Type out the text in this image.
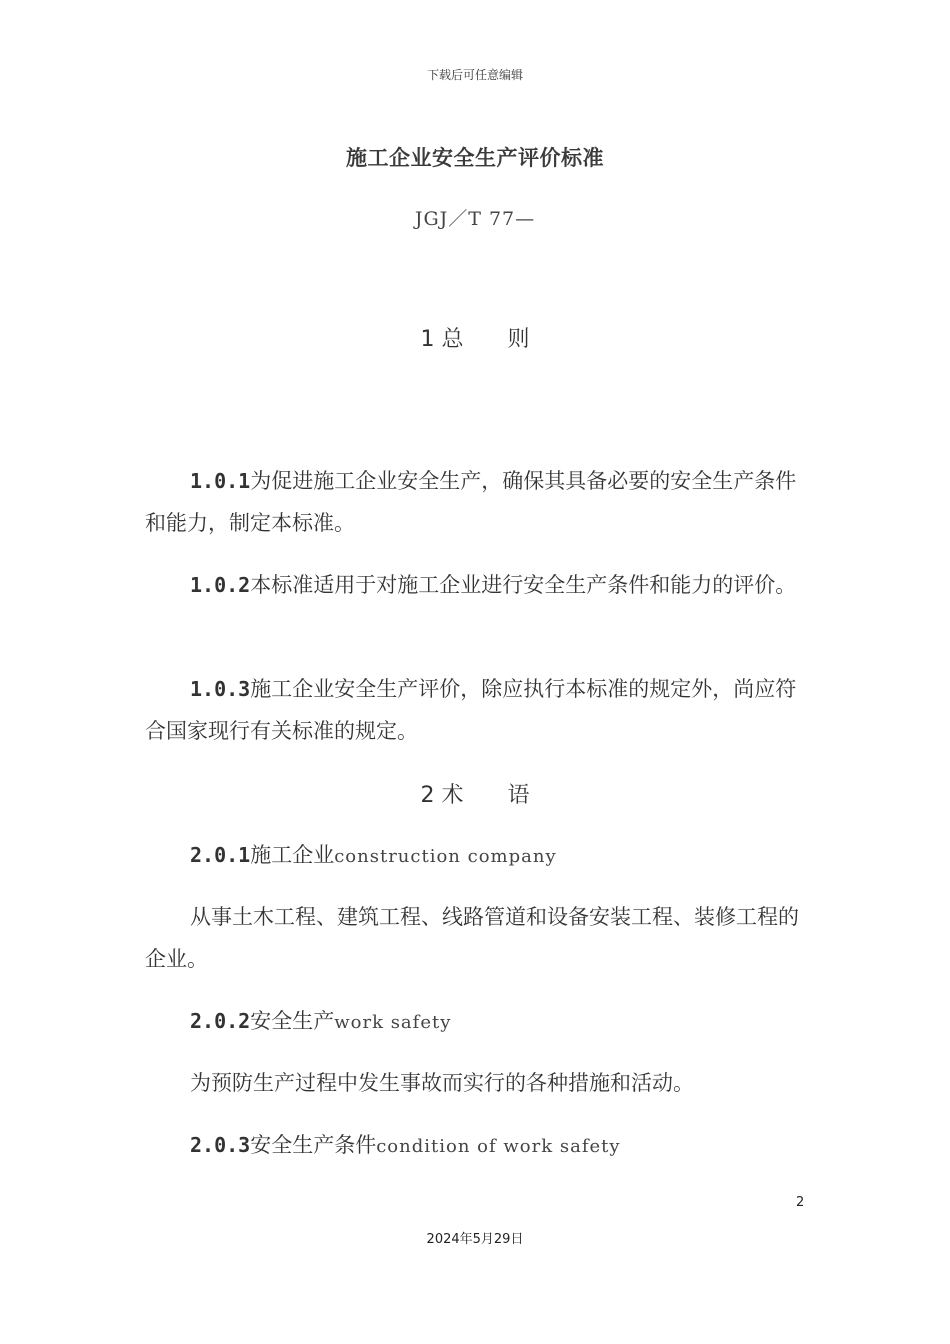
下载后可任意编辑
施工企业安全生产评价标准
JGJ／T 77—
1 总 则
1.0.1为促进施工企业安全生产，确保其具备必要的安全生产条件和能力，制定本标准。
1.0.2本标准适用于对施工企业进行安全生产条件和能力的评价。
1.0.3施工企业安全生产评价，除应执行本标准的规定外，尚应符合国家现行有关标准的规定。
2 术 语
2.0.1施工企业construction company
从事土木工程、建筑工程、线路管道和设备安装工程、装修工程的企业。
2.0.2安全生产work safety
为预防生产过程中发生事故而实行的各种措施和活动。
2.0.3安全生产条件condition of work safety
2
2024年5月29日
